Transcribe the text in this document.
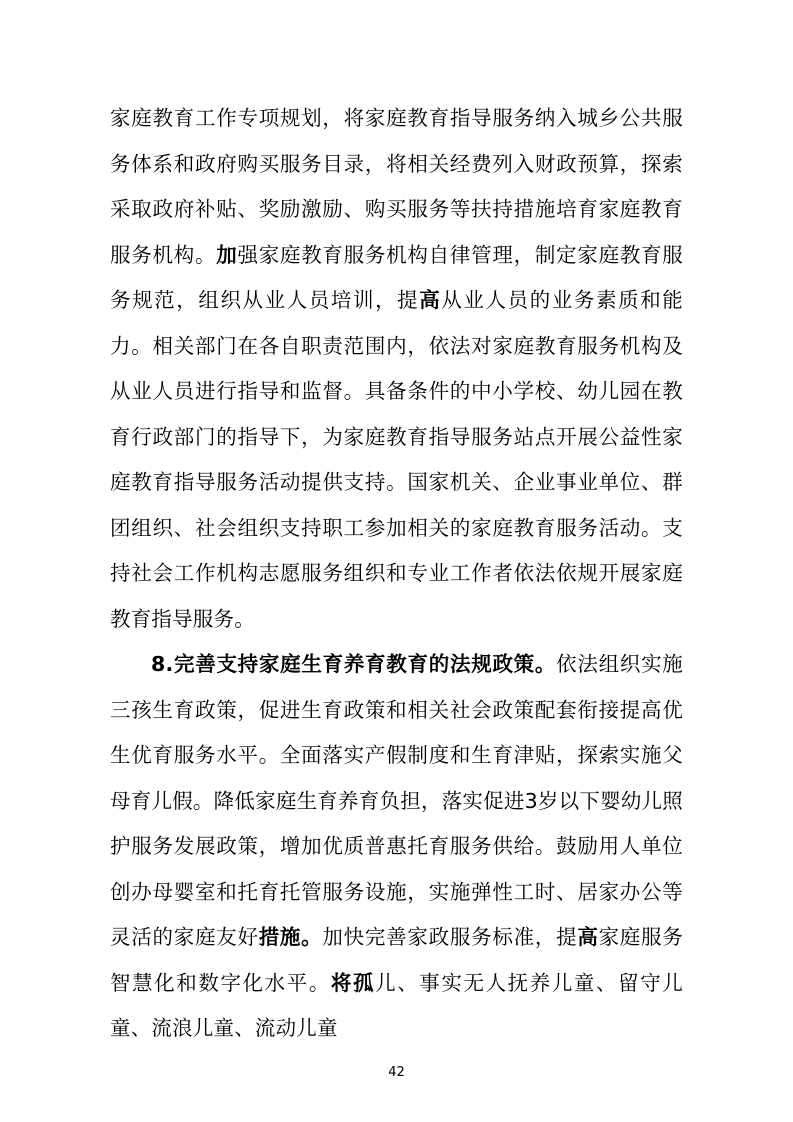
家庭教育工作专项规划，将家庭教育指导服务纳入城乡公共服务体系和政府购买服务目录，将相关经费列入财政预算，探索采取政府补贴、奖励激励、购买服务等扶持措施培育家庭教育服务机构。加强家庭教育服务机构自律管理，制定家庭教育服务规范，组织从业人员培训，提高从业人员的业务素质和能力。相关部门在各自职责范围内，依法对家庭教育服务机构及从业人员进行指导和监督。具备条件的中小学校、幼儿园在教育行政部门的指导下，为家庭教育指导服务站点开展公益性家庭教育指导服务活动提供支持。国家机关、企业事业单位、群团组织、社会组织支持职工参加相关的家庭教育服务活动。支持社会工作机构志愿服务组织和专业工作者依法依规开展家庭教育指导服务。

8.完善支持家庭生育养育教育的法规政策。依法组织实施三孩生育政策，促进生育政策和相关社会政策配套衔接提高优生优育服务水平。全面落实产假制度和生育津贴，探索实施父母育儿假。降低家庭生育养育负担，落实促进3岁以下婴幼儿照护服务发展政策，增加优质普惠托育服务供给。鼓励用人单位创办母婴室和托育托管服务设施，实施弹性工时、居家办公等灵活的家庭友好措施。加快完善家政服务标准，提高家庭服务智慧化和数字化水平。将孤儿、事实无人抚养儿童、留守儿童、流浪儿童、流动儿童

42
